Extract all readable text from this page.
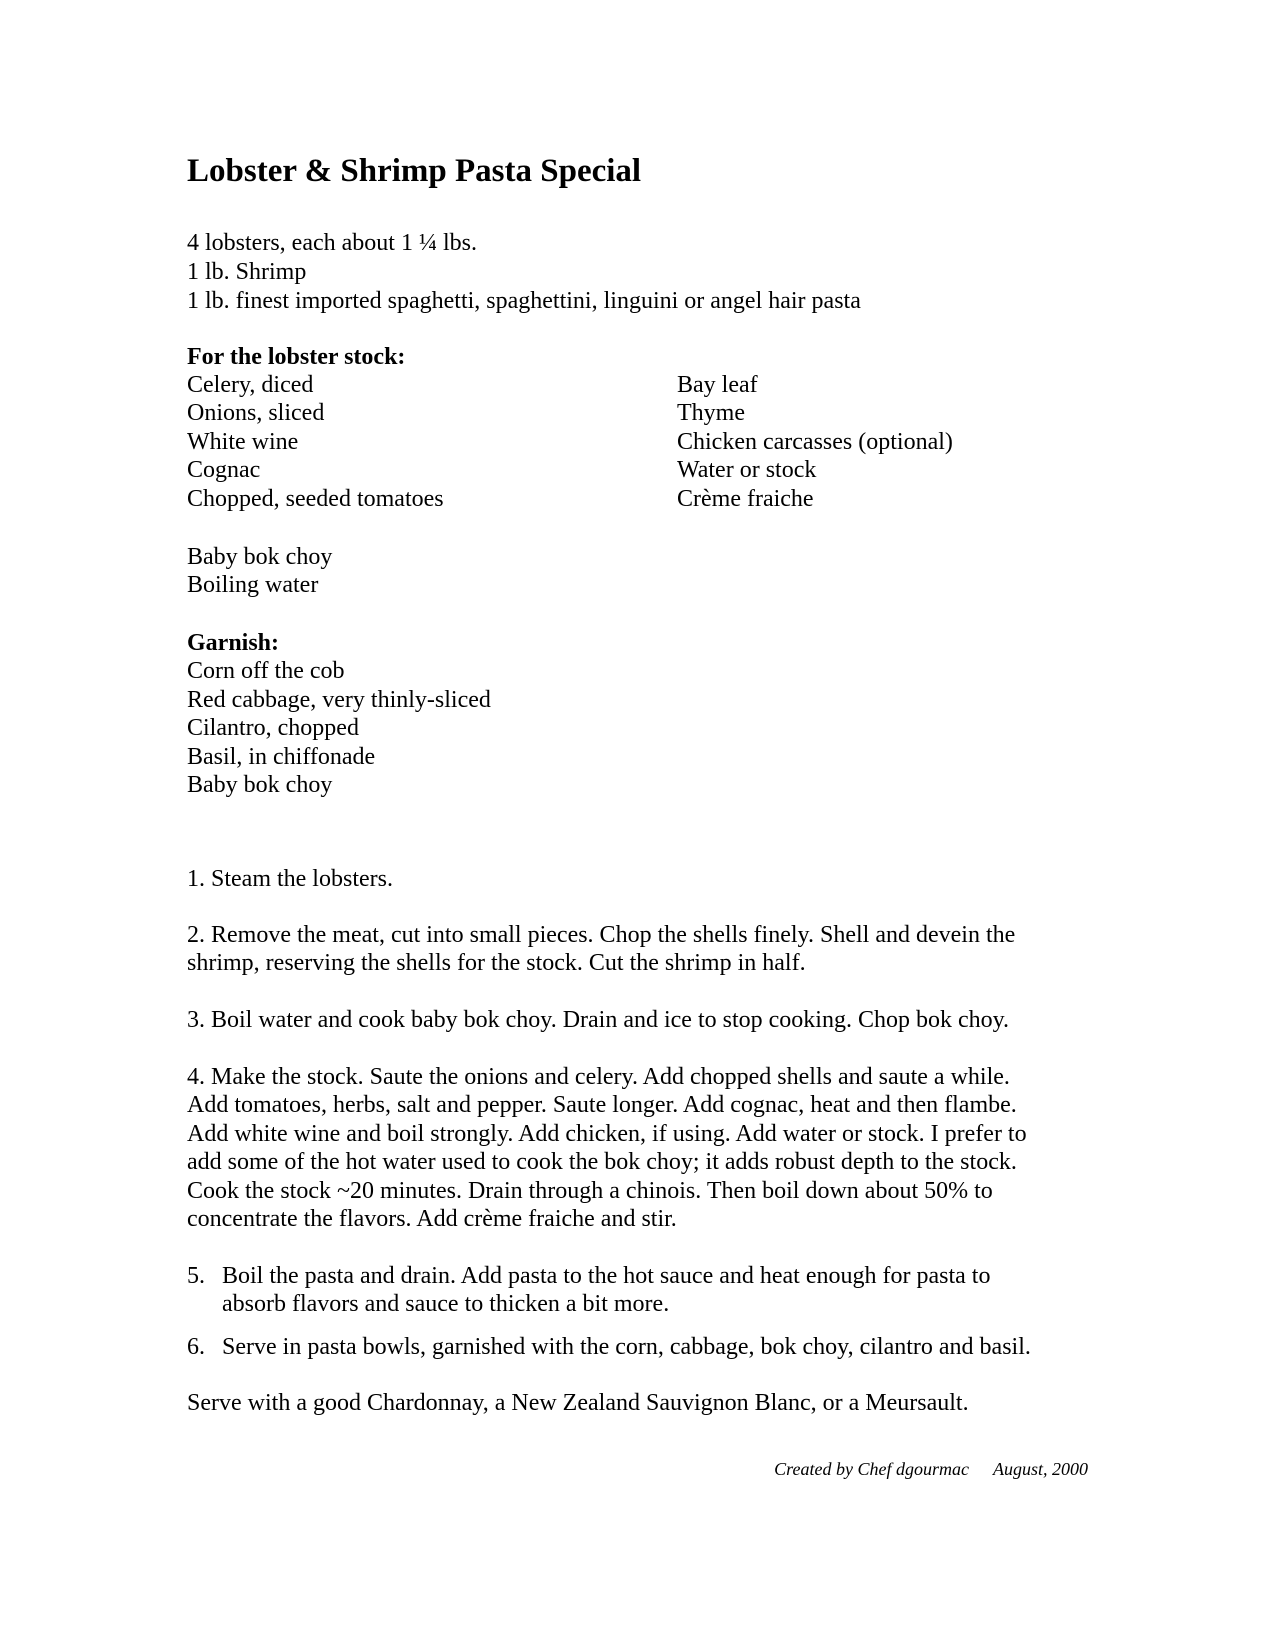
Lobster & Shrimp Pasta Special
4 lobsters, each about 1 ¼ lbs.
1 lb. Shrimp
1 lb. finest imported spaghetti, spaghettini, linguini or angel hair pasta
For the lobster stock:
Celery, diced
Onions, sliced
White wine
Cognac
Chopped, seeded tomatoes
Bay leaf
Thyme
Chicken carcasses (optional)
Water or stock
Crème fraiche
Baby bok choy
Boiling water
Garnish:
Corn off the cob
Red cabbage, very thinly-sliced
Cilantro, chopped
Basil, in chiffonade
Baby bok choy
1. Steam the lobsters.
2. Remove the meat, cut into small pieces. Chop the shells finely. Shell and devein the
shrimp, reserving the shells for the stock. Cut the shrimp in half.
3. Boil water and cook baby bok choy. Drain and ice to stop cooking. Chop bok choy.
4. Make the stock. Saute the onions and celery. Add chopped shells and saute a while.
Add tomatoes, herbs, salt and pepper. Saute longer. Add cognac, heat and then flambe.
Add white wine and boil strongly. Add chicken, if using. Add water or stock. I prefer to
add some of the hot water used to cook the bok choy; it adds robust depth to the stock.
Cook the stock ~20 minutes. Drain through a chinois. Then boil down about 50% to
concentrate the flavors. Add crème fraiche and stir.
5. Boil the pasta and drain. Add pasta to the hot sauce and heat enough for pasta to
absorb flavors and sauce to thicken a bit more.
6. Serve in pasta bowls, garnished with the corn, cabbage, bok choy, cilantro and basil.
Serve with a good Chardonnay, a New Zealand Sauvignon Blanc, or a Meursault.
Created by Chef dgourmac August, 2000
